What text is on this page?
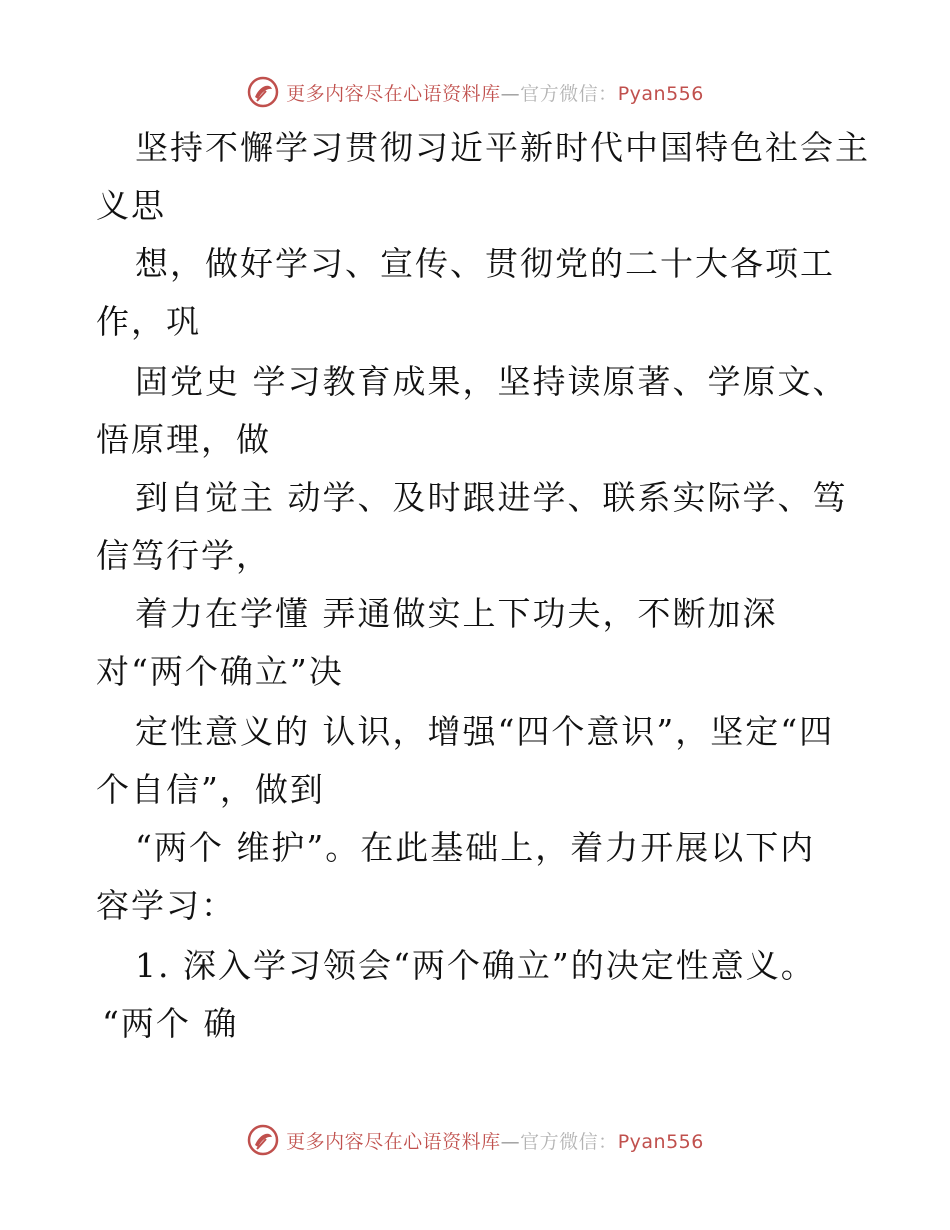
更多内容尽在心语资料库—官方微信：Pyan556
坚持不懈学习贯彻习近平新时代中国特色社会主
义思
想，做好学习、宣传、贯彻党的二十大各项工
作，巩
固党史 学习教育成果，坚持读原著、学原文、
悟原理，做
到自觉主 动学、及时跟进学、联系实际学、笃
信笃行学，
着力在学懂 弄通做实上下功夫，不断加深
对“两个确立”决
定性意义的 认识，增强“四个意识”，坚定“四
个自信”，做到
“两个 维护”。在此基础上，着力开展以下内
容学习：
1. 深入学习领会“两个确立”的决定性意义。
“两个 确
更多内容尽在心语资料库—官方微信：Pyan556
